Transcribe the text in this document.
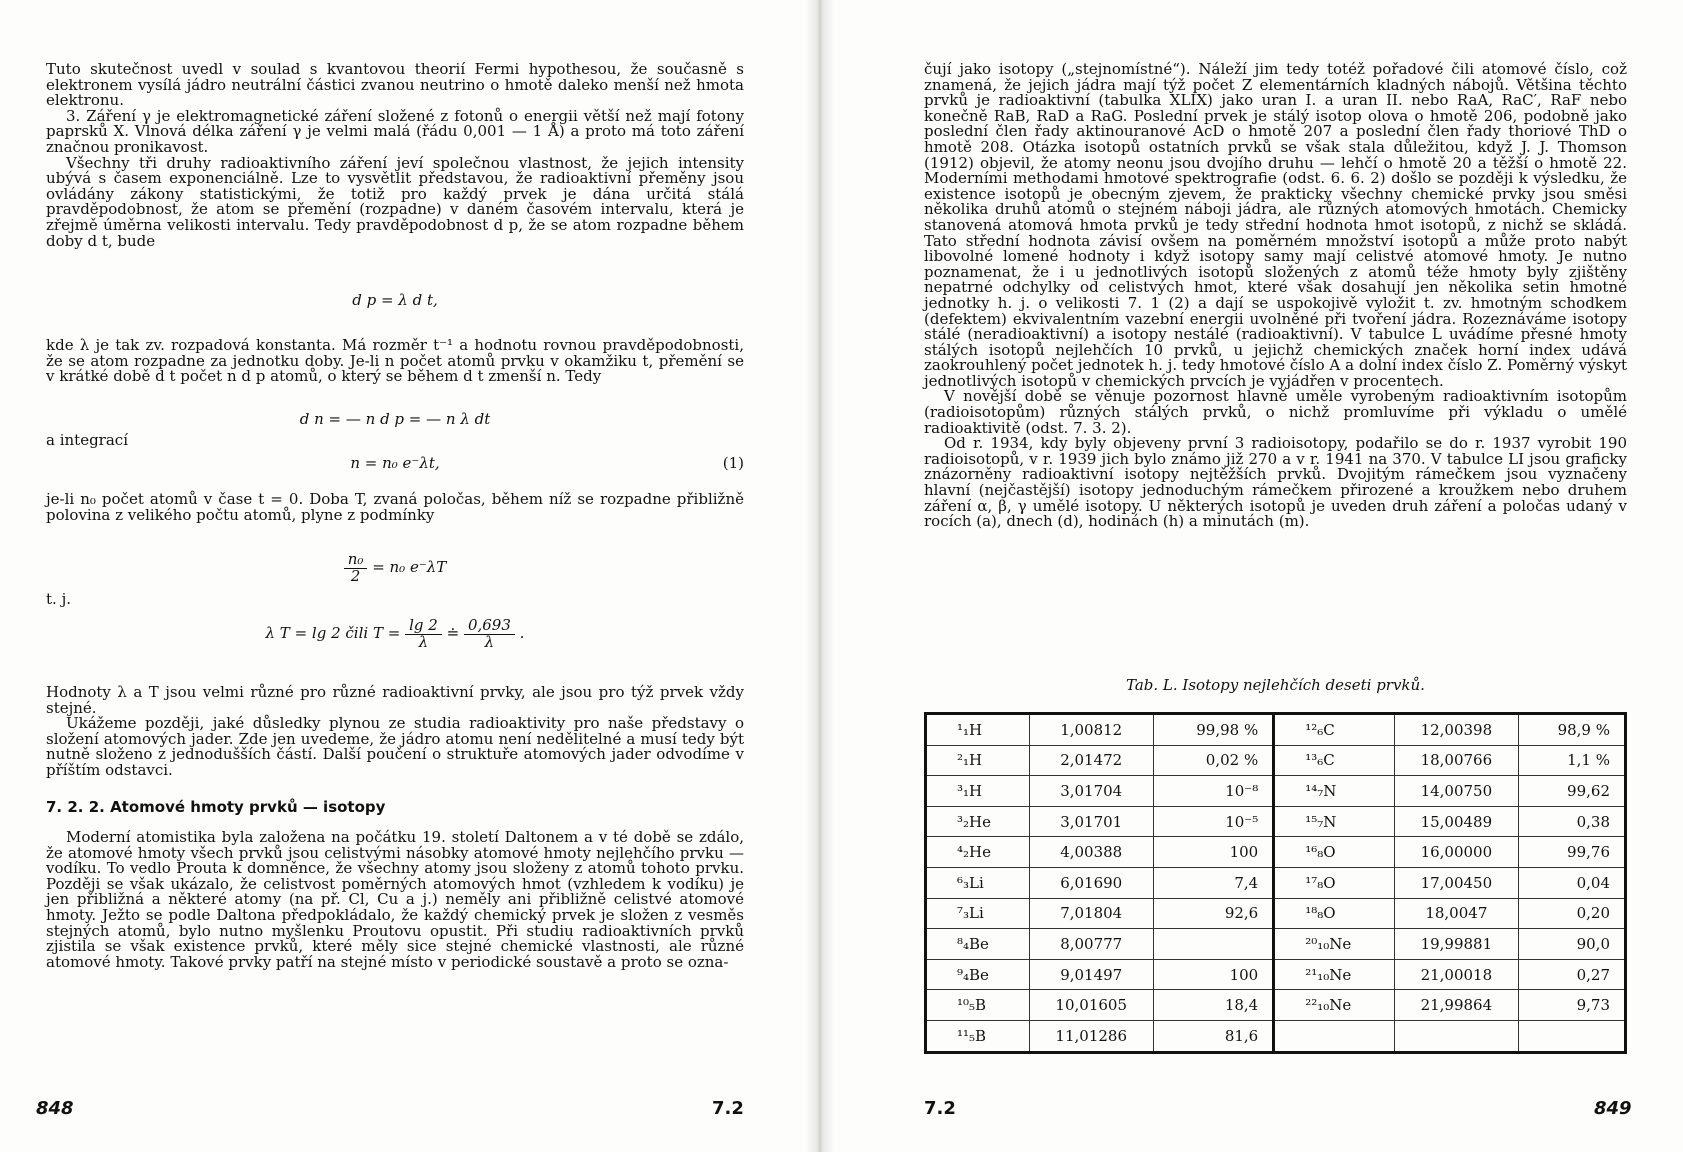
Tuto skutečnost uvedl v soulad s kvantovou theorií Fermi hypothesou, že současně s elektronem vysílá jádro neutrální částici zvanou neutrino o hmotě daleko menší než hmota elektronu.

3. Záření γ je elektromagnetické záření složené z fotonů o energii větší než mají fotony paprsků X. Vlnová délka záření γ je velmi malá (řádu 0,001 — 1 Å) a proto má toto záření značnou pronikavost.

Všechny tři druhy radioaktivního záření jeví společnou vlastnost, že jejich intensity ubývá s časem exponenciálně. Lze to vysvětlit představou, že radioaktivní přeměny jsou ovládány zákony statistickými, že totiž pro každý prvek je dána určitá stálá pravděpodobnost, že atom se přemění (rozpadne) v daném časovém intervalu, která je zřejmě úměrna velikosti intervalu. Tedy pravděpodobnost d p, že se atom rozpadne během doby d t, bude

d p = λ d t,

kde λ je tak zv. rozpadová konstanta. Má rozměr t⁻¹ a hodnotu rovnou pravděpodobnosti, že se atom rozpadne za jednotku doby. Je-li n počet atomů prvku v okamžiku t, přemění se v krátké době d t počet n d p atomů, o který se během d t zmenší n. Tedy

d n = — n d p = — n λ dt

a integrací

n = n₀ e⁻λt,	(1)

je-li n₀ počet atomů v čase t = 0. Doba T, zvaná poločas, během níž se rozpadne přibližně polovina z velikého počtu atomů, plyne z podmínky

$\frac{\text{n₀}}{2} = n_0$ e⁻λT

t. j.

λ T = lg 2 čili $T = \frac{\lg 2}{\lambda}$ ≐ $\frac{0,693}{\lambda}$ .

Hodnoty λ a T jsou velmi různé pro různé radioaktivní prvky, ale jsou pro týž prvek vždy stejné.

Ukážeme později, jaké důsledky plynou ze studia radioaktivity pro naše představy o složení atomových jader. Zde jen uvedeme, že jádro atomu není nedělitelné a musí tedy být nutně složeno z jednodušších částí. Další poučení o struktuře atomových jader odvodíme v příštím odstavci.

7. 2. 2. Atomové hmoty prvků — isotopy

Moderní atomistika byla založena na počátku 19. století Daltonem a v té době se zdálo, že atomové hmoty všech prvků jsou celistvými násobky atomové hmoty nejlehčího prvku — vodíku. To vedlo Prouta k domněnce, že všechny atomy jsou složeny z atomů tohoto prvku. Později se však ukázalo, že celistvost poměrných atomových hmot (vzhledem k vodíku) je jen přibližná a některé atomy (na př. Cl, Cu a j.) neměly ani přibližně celistvé atomové hmoty. Ježto se podle Daltona předpokládalo, že každý chemický prvek je složen z vesměs stejných atomů, bylo nutno myšlenku Proutovu opustit. Při studiu radioaktivních prvků zjistila se však existence prvků, které měly sice stejné chemické vlastnosti, ale různé atomové hmoty. Takové prvky patří na stejné místo v periodické soustavě a proto se ozna-

848	7.2

čují jako isotopy („stejnomístné“). Náleží jim tedy totéž pořadové čili atomové číslo, což znamená, že jejich jádra mají týž počet Z elementárních kladných nábojů. Většina těchto prvků je radioaktivní (tabulka XLIX) jako uran I. a uran II. nebo RaA, RaC′, RaF nebo konečně RaB, RaD a RaG. Poslední prvek je stálý isotop olova o hmotě 206, podobně jako poslední člen řady aktinouranové AcD o hmotě 207 a poslední člen řady thoriové ThD o hmotě 208. Otázka isotopů ostatních prvků se však stala důležitou, když J. J. Thomson (1912) objevil, že atomy neonu jsou dvojího druhu — lehčí o hmotě 20 a těžší o hmotě 22. Moderními methodami hmotové spektrografie (odst. 6. 6. 2) došlo se později k výsledku, že existence isotopů je obecným zjevem, že prakticky všechny chemické prvky jsou směsi několika druhů atomů o stejném náboji jádra, ale různých atomových hmotách. Chemicky stanovená atomová hmota prvků je tedy střední hodnota hmot isotopů, z nichž se skládá. Tato střední hodnota závisí ovšem na poměrném množství isotopů a může proto nabýt libovolné lomené hodnoty i když isotopy samy mají celistvé atomové hmoty. Je nutno poznamenat, že i u jednotlivých isotopů složených z atomů téže hmoty byly zjištěny nepatrné odchylky od celistvých hmot, které však dosahují jen několika setin hmotné jednotky h. j. o velikosti 7. 1 (2) a dají se uspokojivě vyložit t. zv. hmotným schodkem (defektem) ekvivalentním vazební energii uvolněné při tvoření jádra. Rozeznáváme isotopy stálé (neradioaktivní) a isotopy nestálé (radioaktivní). V tabulce L uvádíme přesné hmoty stálých isotopů nejlehčích 10 prvků, u jejichž chemických značek horní index udává zaokrouhlený počet jednotek h. j. tedy hmotové číslo A a dolní index číslo Z. Poměrný výskyt jednotlivých isotopů v chemických prvcích je vyjádřen v procentech.

V novější době se věnuje pozornost hlavně uměle vyrobeným radioaktivním isotopům (radioisotopům) různých stálých prvků, o nichž promluvíme při výkladu o umělé radioaktivitě (odst. 7. 3. 2).

Od r. 1934, kdy byly objeveny první 3 radioisotopy, podařilo se do r. 1937 vyrobit 190 radioisotopů, v r. 1939 jich bylo známo již 270 a v r. 1941 na 370. V tabulce LI jsou graficky znázorněny radioaktivní isotopy nejtěžších prvků. Dvojitým rámečkem jsou vyznačeny hlavní (nejčastější) isotopy jednoduchým rámečkem přirozené a kroužkem nebo druhem záření α, β, γ umělé isotopy. U některých isotopů je uveden druh záření a poločas udaný v rocích (a), dnech (d), hodinách (h) a minutách (m).

Tab. L. Isotopy nejlehčích deseti prvků.

¹₁H	1,00812	99,98 %	¹²₆C	12,00398	98,9 %
²₁H	2,01472	0,02 %	¹³₆C	18,00766	1,1 %
³₁H	3,01704	10⁻⁸	¹⁴₇N	14,00750	99,62
³₂He	3,01701	10⁻⁵	¹⁵₇N	15,00489	0,38
⁴₂He	4,00388	100	¹⁶₈O	16,00000	99,76
⁶₃Li	6,01690	7,4	¹⁷₈O	17,00450	0,04
⁷₃Li	7,01804	92,6	¹⁸₈O	18,0047	0,20
⁸₄Be	8,00777		²⁰₁₀Ne	19,99881	90,0
⁹₄Be	9,01497	100	²¹₁₀Ne	21,00018	0,27
¹⁰₅B	10,01605	18,4	²²₁₀Ne	21,99864	9,73
¹¹₅B	11,01286	81,6			
7.2	849
